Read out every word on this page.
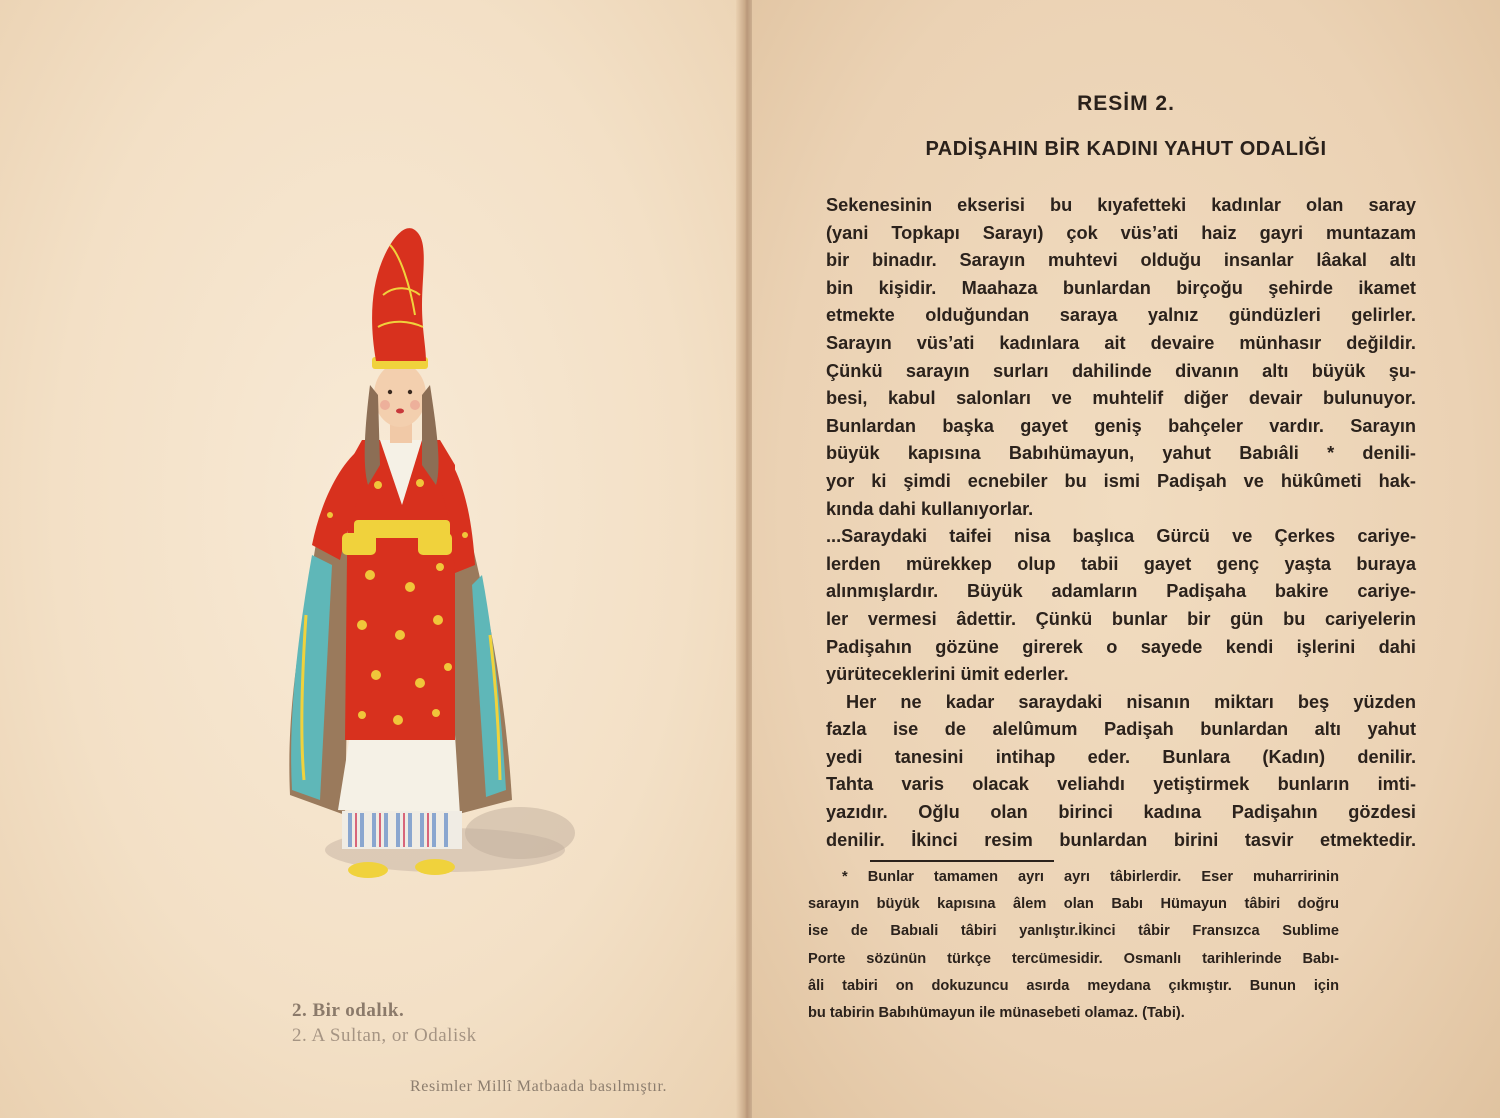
2. Bir odalık.
2. A Sultan, or Odalisk
Resimler Millî Matbaada basılmıştır.
RESİM 2.
PADİŞAHIN BİR KADINI YAHUT ODALIĞI
Sekenesinin ekserisi bu kıyafetteki kadınlar olan saray
(yani Topkapı Sarayı) çok vüs’ati haiz gayri muntazam
bir binadır. Sarayın muhtevi olduğu insanlar lâakal altı
bin kişidir. Maahaza bunlardan birçoğu şehirde ikamet
etmekte olduğundan saraya yalnız gündüzleri gelirler.
Sarayın vüs’ati kadınlara ait devaire münhasır değildir.
Çünkü sarayın surları dahilinde divanın altı büyük şu-
besi, kabul salonları ve muhtelif diğer devair bulunuyor.
Bunlardan başka gayet geniş bahçeler vardır. Sarayın
büyük kapısına Babıhümayun, yahut Babıâli * denili-
yor ki şimdi ecnebiler bu ismi Padişah ve hükûmeti hak-
kında dahi kullanıyorlar.
...Saraydaki taifei nisa başlıca Gürcü ve Çerkes cariye-
lerden mürekkep olup tabii gayet genç yaşta buraya
alınmışlardır. Büyük adamların Padişaha bakire cariye-
ler vermesi âdettir. Çünkü bunlar bir gün bu cariyelerin
Padişahın gözüne girerek o sayede kendi işlerini dahi
yürüteceklerini ümit ederler.
Her ne kadar saraydaki nisanın miktarı beş yüzden
fazla ise de alelûmum Padişah bunlardan altı yahut
yedi tanesini intihap eder. Bunlara (Kadın) denilir.
Tahta varis olacak veliahdı yetiştirmek bunların imti-
yazıdır. Oğlu olan birinci kadına Padişahın gözdesi
denilir. İkinci resim bunlardan birini tasvir etmektedir.
* Bunlar tamamen ayrı ayrı tâbirlerdir. Eser muharririnin
sarayın büyük kapısına âlem olan Babı Hümayun tâbiri doğru
ise de Babıali tâbiri yanlıştır.İkinci tâbir Fransızca Sublime
Porte sözünün türkçe tercümesidir. Osmanlı tarihlerinde Babı-
âli tabiri on dokuzuncu asırda meydana çıkmıştır. Bunun için
bu tabirin Babıhümayun ile münasebeti olamaz. (Tabi).
